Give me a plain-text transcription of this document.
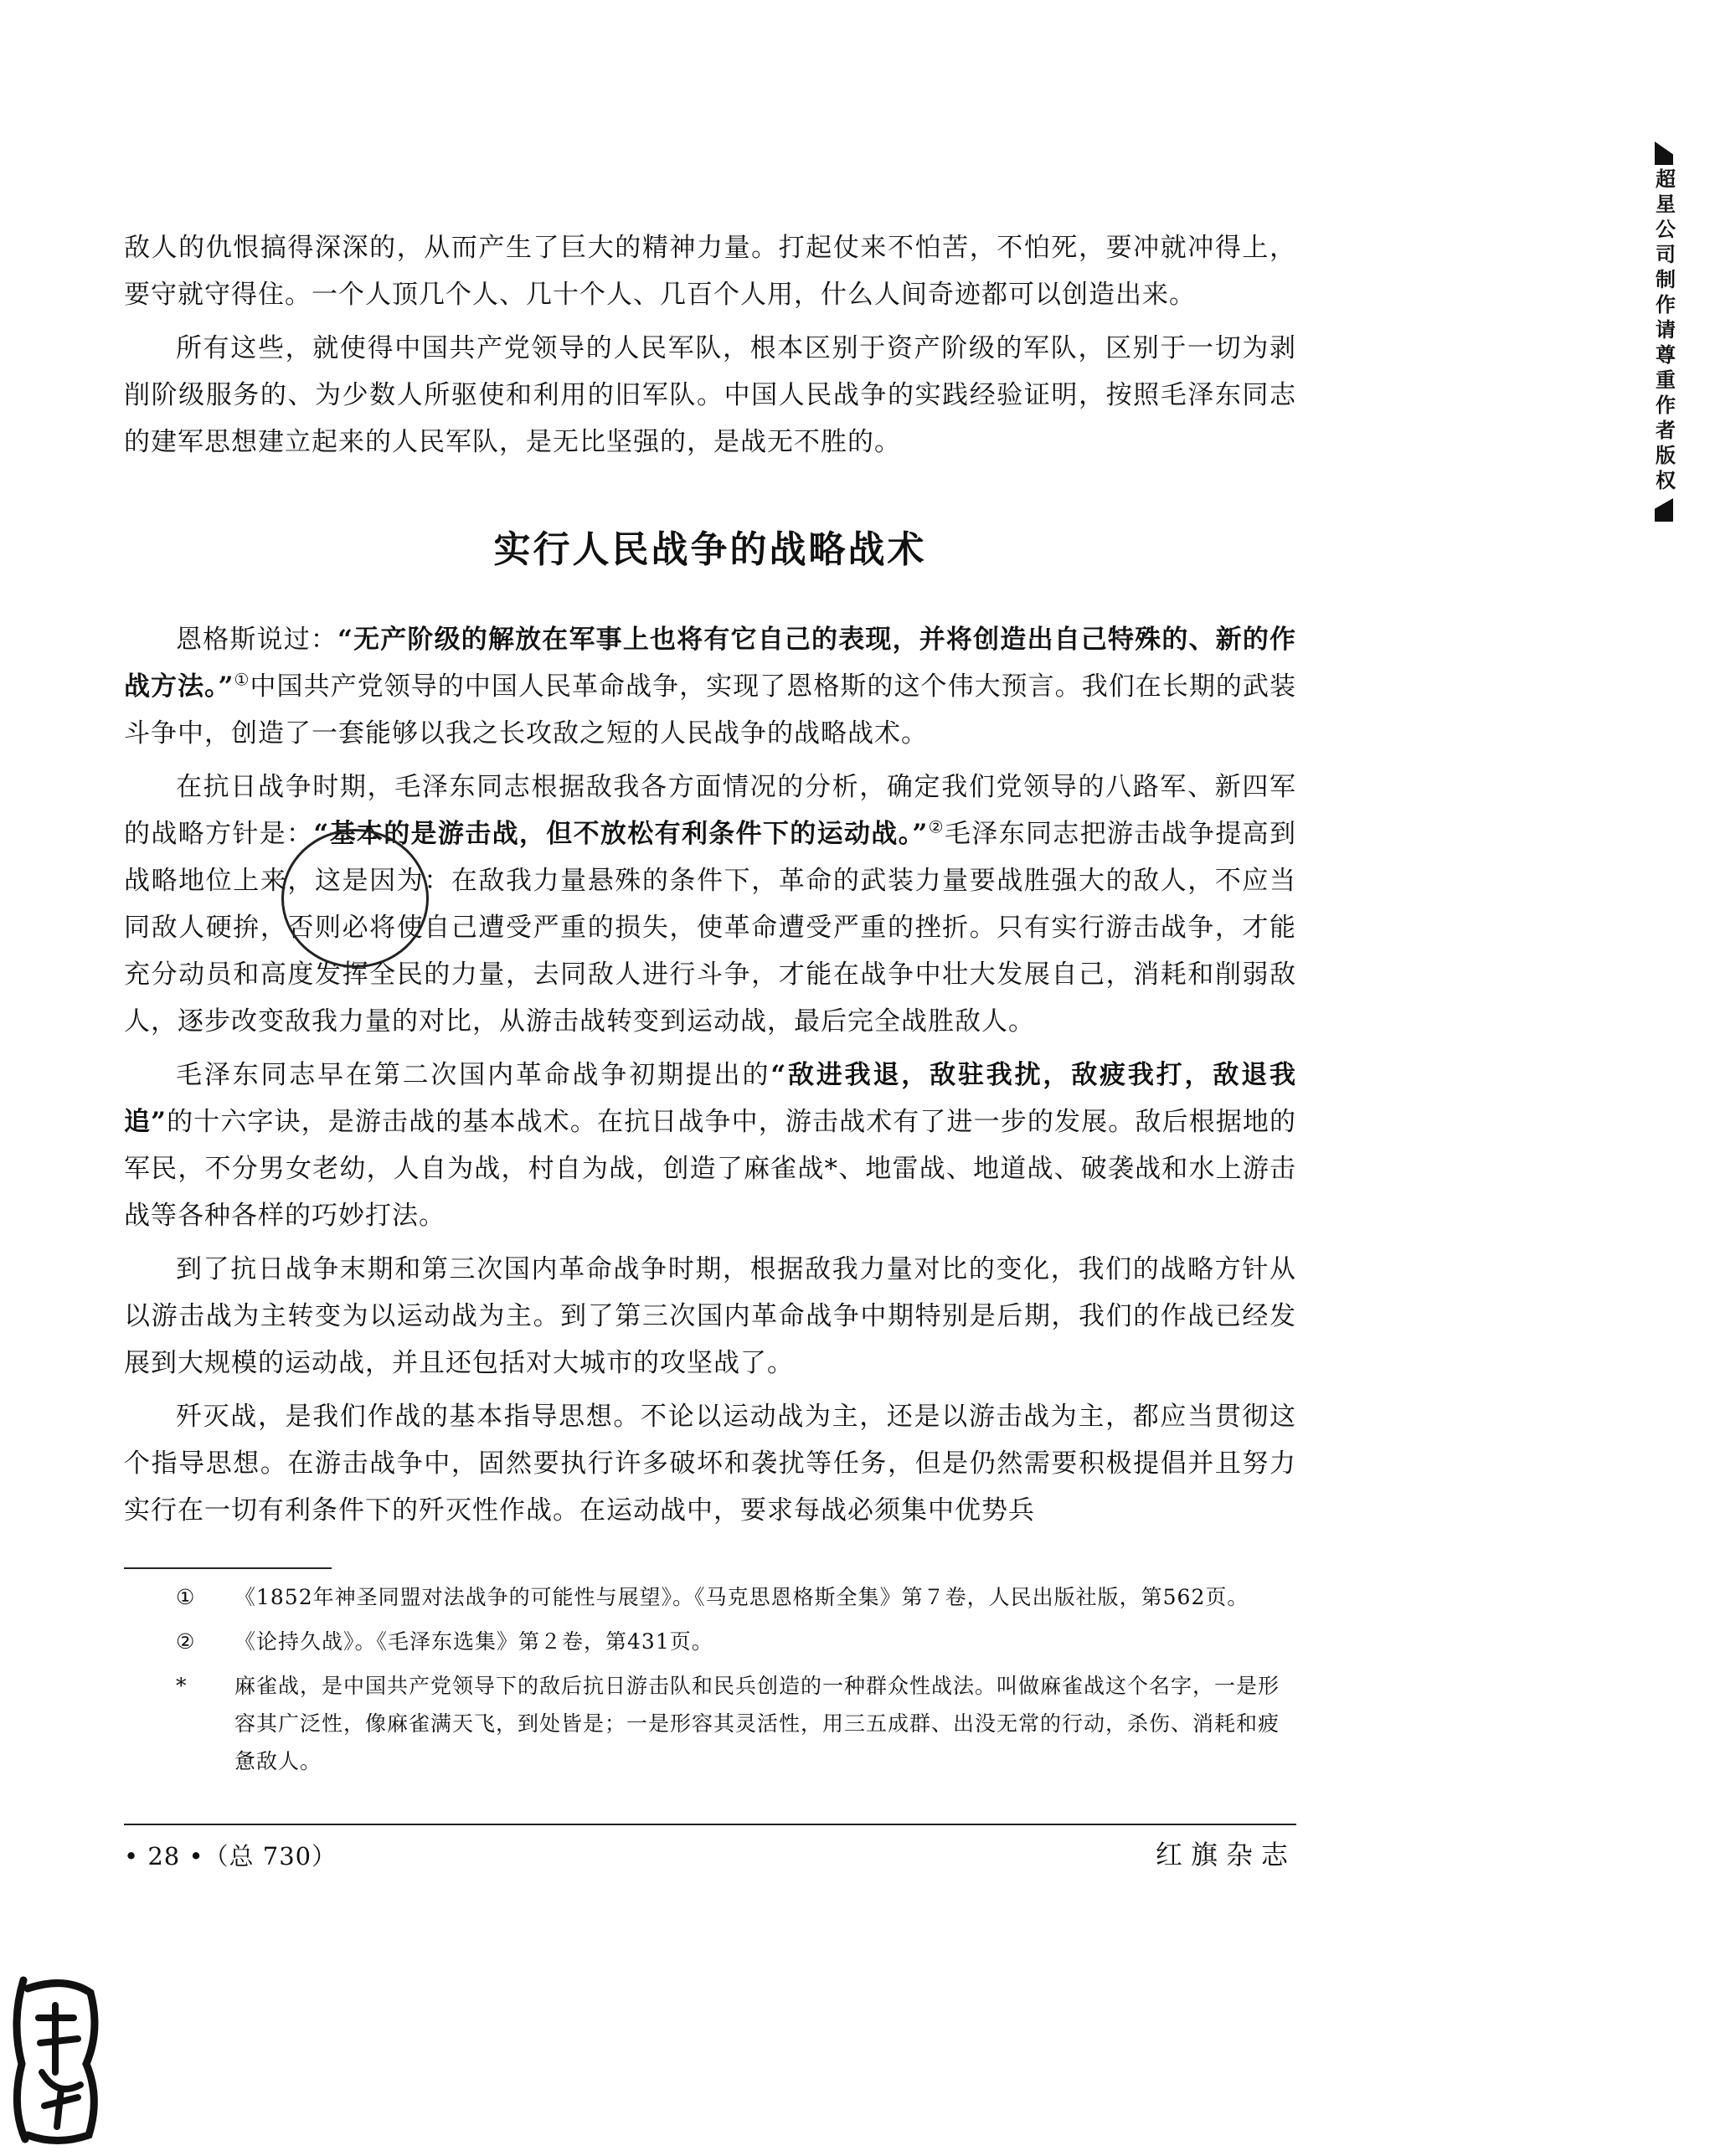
敌人的仇恨搞得深深的，从而产生了巨大的精神力量。打起仗来不怕苦，不怕死，要冲就冲得上，要守就守得住。一个人顶几个人、几十个人、几百个人用，什么人间奇迹都可以创造出来。

所有这些，就使得中国共产党领导的人民军队，根本区别于资产阶级的军队，区别于一切为剥削阶级服务的、为少数人所驱使和利用的旧军队。中国人民战争的实践经验证明，按照毛泽东同志的建军思想建立起来的人民军队，是无比坚强的，是战无不胜的。

实行人民战争的战略战术

恩格斯说过：“无产阶级的解放在军事上也将有它自己的表现，并将创造出自己特殊的、新的作战方法。”①中国共产党领导的中国人民革命战争，实现了恩格斯的这个伟大预言。我们在长期的武装斗争中，创造了一套能够以我之长攻敌之短的人民战争的战略战术。

在抗日战争时期，毛泽东同志根据敌我各方面情况的分析，确定我们党领导的八路军、新四军的战略方针是：“基本的是游击战，但不放松有利条件下的运动战。”②毛泽东同志把游击战争提高到战略地位上来，这是因为：在敌我力量悬殊的条件下，革命的武装力量要战胜强大的敌人，不应当同敌人硬拚，否则必将使自己遭受严重的损失，使革命遭受严重的挫折。只有实行游击战争，才能充分动员和高度发挥全民的力量，去同敌人进行斗争，才能在战争中壮大发展自己，消耗和削弱敌人，逐步改变敌我力量的对比，从游击战转变到运动战，最后完全战胜敌人。

毛泽东同志早在第二次国内革命战争初期提出的“敌进我退，敌驻我扰，敌疲我打，敌退我追”的十六字诀，是游击战的基本战术。在抗日战争中，游击战术有了进一步的发展。敌后根据地的军民，不分男女老幼，人自为战，村自为战，创造了麻雀战*、地雷战、地道战、破袭战和水上游击战等各种各样的巧妙打法。

到了抗日战争末期和第三次国内革命战争时期，根据敌我力量对比的变化，我们的战略方针从以游击战为主转变为以运动战为主。到了第三次国内革命战争中期特别是后期，我们的作战已经发展到大规模的运动战，并且还包括对大城市的攻坚战了。

歼灭战，是我们作战的基本指导思想。不论以运动战为主，还是以游击战为主，都应当贯彻这个指导思想。在游击战争中，固然要执行许多破坏和袭扰等任务，但是仍然需要积极提倡并且努力实行在一切有利条件下的歼灭性作战。在运动战中，要求每战必须集中优势兵

①	《1852年神圣同盟对法战争的可能性与展望》。《马克思恩格斯全集》第７卷，人民出版社版，第562页。
②	《论持久战》。《毛泽东选集》第２卷，第431页。
*	麻雀战，是中国共产党领导下的敌后抗日游击队和民兵创造的一种群众性战法。叫做麻雀战这个名字，一是形容其广泛性，像麻雀满天飞，到处皆是；一是形容其灵活性，用三五成群、出没无常的行动，杀伤、消耗和疲惫敌人。
• 28 •（总 730）	红旗杂志
超星公司制作请尊重作者版权
